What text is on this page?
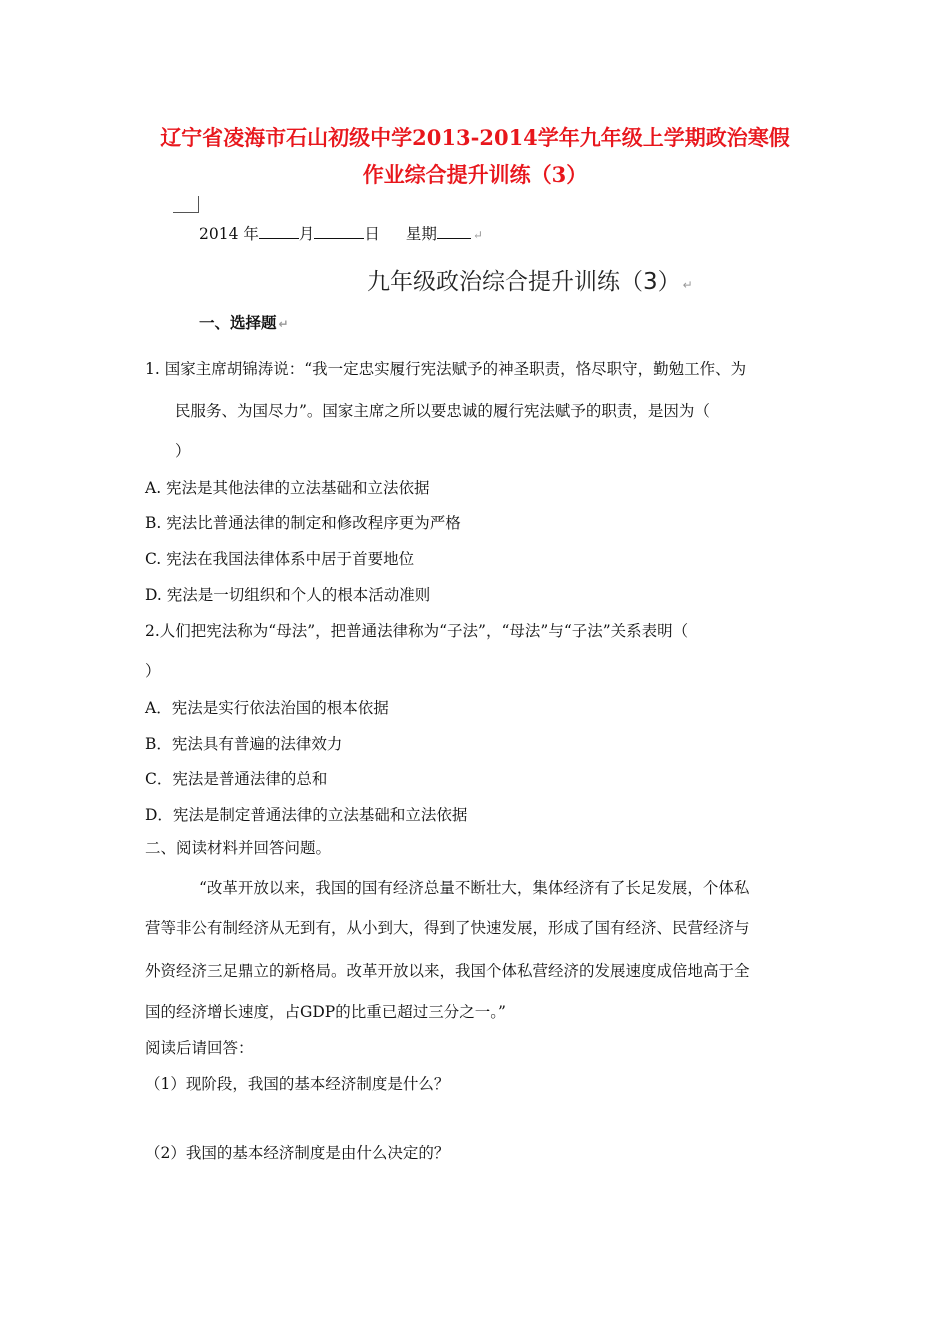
辽宁省凌海市石山初级中学2013-2014学年九年级上学期政治寒假
作业综合提升训练（3）
2014 年	月	日 星期	↵
九年级政治综合提升训练（3） ↵
一、选择题 ↵
1. 国家主席胡锦涛说：“我一定忠实履行宪法赋予的神圣职责，恪尽职守，勤勉工作、为
民服务、为国尽力”。国家主席之所以要忠诚的履行宪法赋予的职责，是因为（
）
A. 宪法是其他法律的立法基础和立法依据
B. 宪法比普通法律的制定和修改程序更为严格
C. 宪法在我国法律体系中居于首要地位
D. 宪法是一切组织和个人的根本活动准则
2.人们把宪法称为“母法”，把普通法律称为“子法”，“母法”与“子法”关系表明（
）
A．宪法是实行依法治国的根本依据
B．宪法具有普遍的法律效力
C．宪法是普通法律的总和
D．宪法是制定普通法律的立法基础和立法依据
二、阅读材料并回答问题。
“改革开放以来，我国的国有经济总量不断壮大，集体经济有了长足发展，个体私
营等非公有制经济从无到有，从小到大，得到了快速发展，形成了国有经济、民营经济与
外资经济三足鼎立的新格局。改革开放以来，我国个体私营经济的发展速度成倍地高于全
国的经济增长速度，占GDP的比重已超过三分之一。”
阅读后请回答：
（1）现阶段，我国的基本经济制度是什么？
（2）我国的基本经济制度是由什么决定的？
